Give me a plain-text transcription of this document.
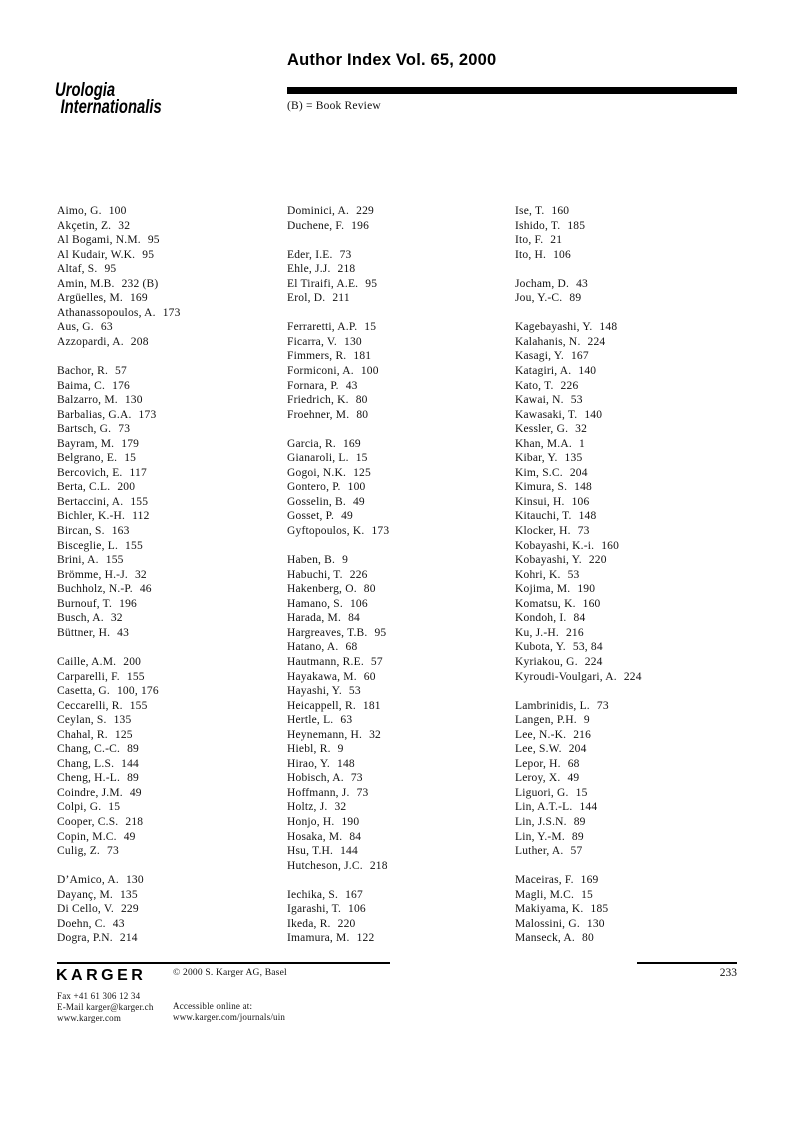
Author Index Vol. 65, 2000
(B) = Book Review
Urologia
Internationalis
Aimo, G. 100
Akçetin, Z. 32
Al Bogami, N.M. 95
Al Kudair, W.K. 95
Altaf, S. 95
Amin, M.B. 232 (B)
Argüelles, M. 169
Athanassopoulos, A. 173
Aus, G. 63
Azzopardi, A. 208
Bachor, R. 57
Baima, C. 176
Balzarro, M. 130
Barbalias, G.A. 173
Bartsch, G. 73
Bayram, M. 179
Belgrano, E. 15
Bercovich, E. 117
Berta, C.L. 200
Bertaccini, A. 155
Bichler, K.-H. 112
Bircan, S. 163
Bisceglie, L. 155
Brini, A. 155
Brömme, H.-J. 32
Buchholz, N.-P. 46
Burnouf, T. 196
Busch, A. 32
Büttner, H. 43
Caille, A.M. 200
Carparelli, F. 155
Casetta, G. 100, 176
Ceccarelli, R. 155
Ceylan, S. 135
Chahal, R. 125
Chang, C.-C. 89
Chang, L.S. 144
Cheng, H.-L. 89
Coindre, J.M. 49
Colpi, G. 15
Cooper, C.S. 218
Copin, M.C. 49
Culig, Z. 73
D’Amico, A. 130
Dayanç, M. 135
Di Cello, V. 229
Doehn, C. 43
Dogra, P.N. 214
Dominici, A. 229
Duchene, F. 196
Eder, I.E. 73
Ehle, J.J. 218
El Tiraifi, A.E. 95
Erol, D. 211
Ferraretti, A.P. 15
Ficarra, V. 130
Fimmers, R. 181
Formiconi, A. 100
Fornara, P. 43
Friedrich, K. 80
Froehner, M. 80
Garcia, R. 169
Gianaroli, L. 15
Gogoi, N.K. 125
Gontero, P. 100
Gosselin, B. 49
Gosset, P. 49
Gyftopoulos, K. 173
Haben, B. 9
Habuchi, T. 226
Hakenberg, O. 80
Hamano, S. 106
Harada, M. 84
Hargreaves, T.B. 95
Hatano, A. 68
Hautmann, R.E. 57
Hayakawa, M. 60
Hayashi, Y. 53
Heicappell, R. 181
Hertle, L. 63
Heynemann, H. 32
Hiebl, R. 9
Hirao, Y. 148
Hobisch, A. 73
Hoffmann, J. 73
Holtz, J. 32
Honjo, H. 190
Hosaka, M. 84
Hsu, T.H. 144
Hutcheson, J.C. 218
Iechika, S. 167
Igarashi, T. 106
Ikeda, R. 220
Imamura, M. 122
Ise, T. 160
Ishido, T. 185
Ito, F. 21
Ito, H. 106
Jocham, D. 43
Jou, Y.-C. 89
Kagebayashi, Y. 148
Kalahanis, N. 224
Kasagi, Y. 167
Katagiri, A. 140
Kato, T. 226
Kawai, N. 53
Kawasaki, T. 140
Kessler, G. 32
Khan, M.A. 1
Kibar, Y. 135
Kim, S.C. 204
Kimura, S. 148
Kinsui, H. 106
Kitauchi, T. 148
Klocker, H. 73
Kobayashi, K.-i. 160
Kobayashi, Y. 220
Kohri, K. 53
Kojima, M. 190
Komatsu, K. 160
Kondoh, I. 84
Ku, J.-H. 216
Kubota, Y. 53, 84
Kyriakou, G. 224
Kyroudi-Voulgari, A. 224
Lambrinidis, L. 73
Langen, P.H. 9
Lee, N.-K. 216
Lee, S.W. 204
Lepor, H. 68
Leroy, X. 49
Liguori, G. 15
Lin, A.T.-L. 144
Lin, J.S.N. 89
Lin, Y.-M. 89
Luther, A. 57
Maceiras, F. 169
Magli, M.C. 15
Makiyama, K. 185
Malossini, G. 130
Manseck, A. 80
KARGER	© 2000 S. Karger AG, Basel
Fax +41 61 306 12 34
E-Mail karger@karger.ch
www.karger.com
Accessible online at:
www.karger.com/journals/uin
233
